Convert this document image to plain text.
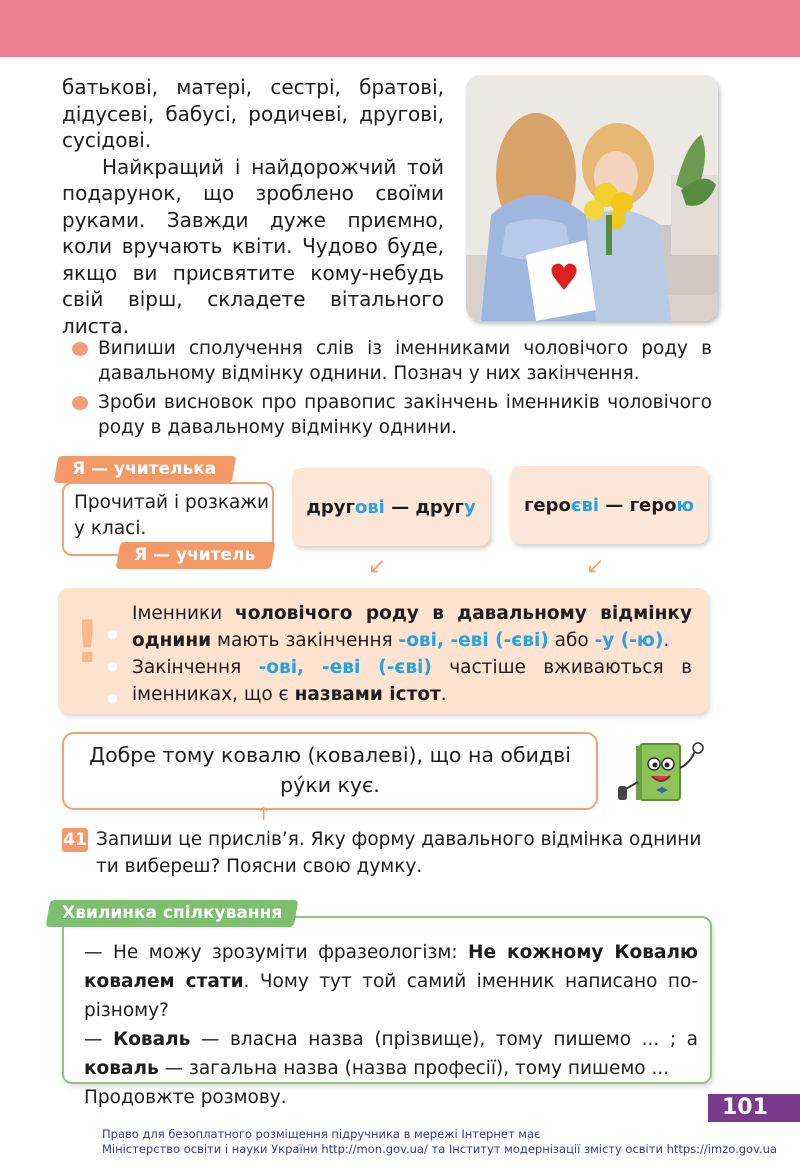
батькові, матері, сестрі, братові, дідусеві, бабусі, родичеві, другові, сусідові.

Найкращий і найдорожчий той подарунок, що зроблено своїми руками. Завжди дуже приємно, коли вручають квіти. Чудово буде, якщо ви присвятите кому-небудь свій вірш, складете вітального листа.

Випиши сполучення слів із іменниками чоловічого роду в давальному відмінку однини. Познач у них закінчення.
Зроби висновок про правопис закінчень іменників чоловічого роду в давальному відмінку однини.
Я — учителька
Прочитай і розкажи у класі.
Я — учитель
друг ові — друг у	геро єві — геро ю
↙	↙
! Іменники чоловічого роду в давальному відмінку однини мають закінчення -ові, -еві (-єві) або -у (-ю).

Закінчення -ові, -еві (-єві) частіше вживаються в іменниках, що є назвами істот.

Добре тому ковалю (ковалеві), що на обидві
ру́ки кує.
↑
41 Запиши це прислів’я. Яку форму давального відмінка однини ти вибереш? Поясни свою думку.
Хвилинка спілкування

— Не можу зрозуміти фразеологізм: Не кожному Ковалю ковалем стати. Чому тут той самий іменник написано по-різному?

— Коваль — власна назва (прізвище), тому пишемо ... ; а коваль — загальна назва (назва професії), тому пишемо ...

Продовжте розмову.	101
Право для безоплатного розміщення підручника в мережі Інтернет має
Міністерство освіти і науки України http://mon.gov.ua/ та Інститут модернізації змісту освіти https://imzo.gov.ua
